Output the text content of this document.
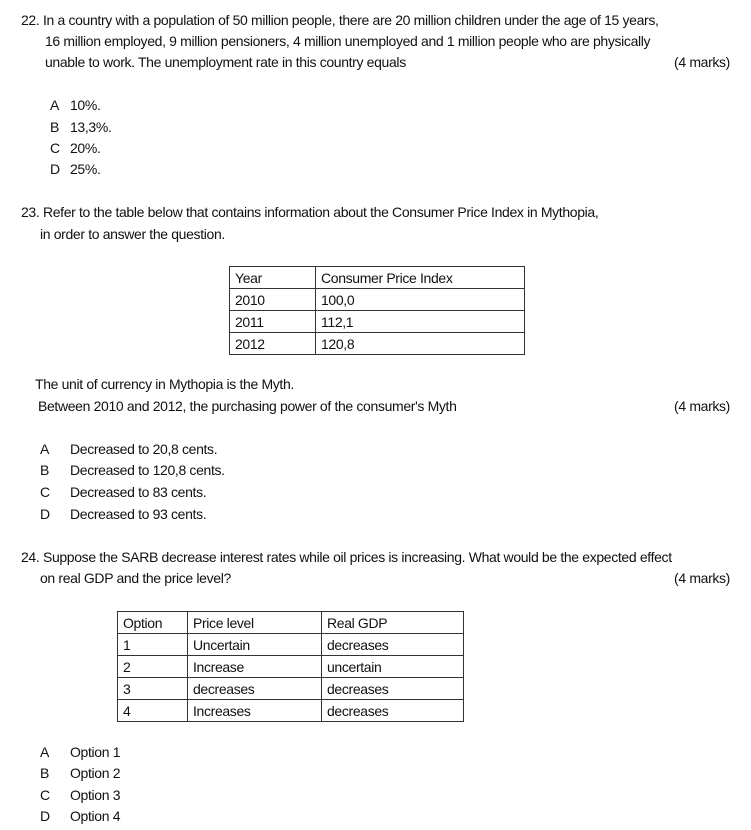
22. In a country with a population of 50 million people, there are 20 million children under the age of 15 years,
16 million employed, 9 million pensioners, 4 million unemployed and 1 million people who are physically
unable to work. The unemployment rate in this country equals	(4 marks)
A 10%.
B 13,3%.
C 20%.
D 25%.
23. Refer to the table below that contains information about the Consumer Price Index in Mythopia,
in order to answer the question.
Year	Consumer Price Index
2010	100,0
2011	112,1
2012	120,8
The unit of currency in Mythopia is the Myth.
Between 2010 and 2012, the purchasing power of the consumer's Myth	(4 marks)
A Decreased to 20,8 cents.
B Decreased to 120,8 cents.
C Decreased to 83 cents.
D Decreased to 93 cents.
24. Suppose the SARB decrease interest rates while oil prices is increasing. What would be the expected effect
on real GDP and the price level?	(4 marks)
Option	Price level	Real GDP
1	Uncertain	decreases
2	Increase	uncertain
3	decreases	decreases
4	Increases	decreases
A Option 1
B Option 2
C Option 3
D Option 4
